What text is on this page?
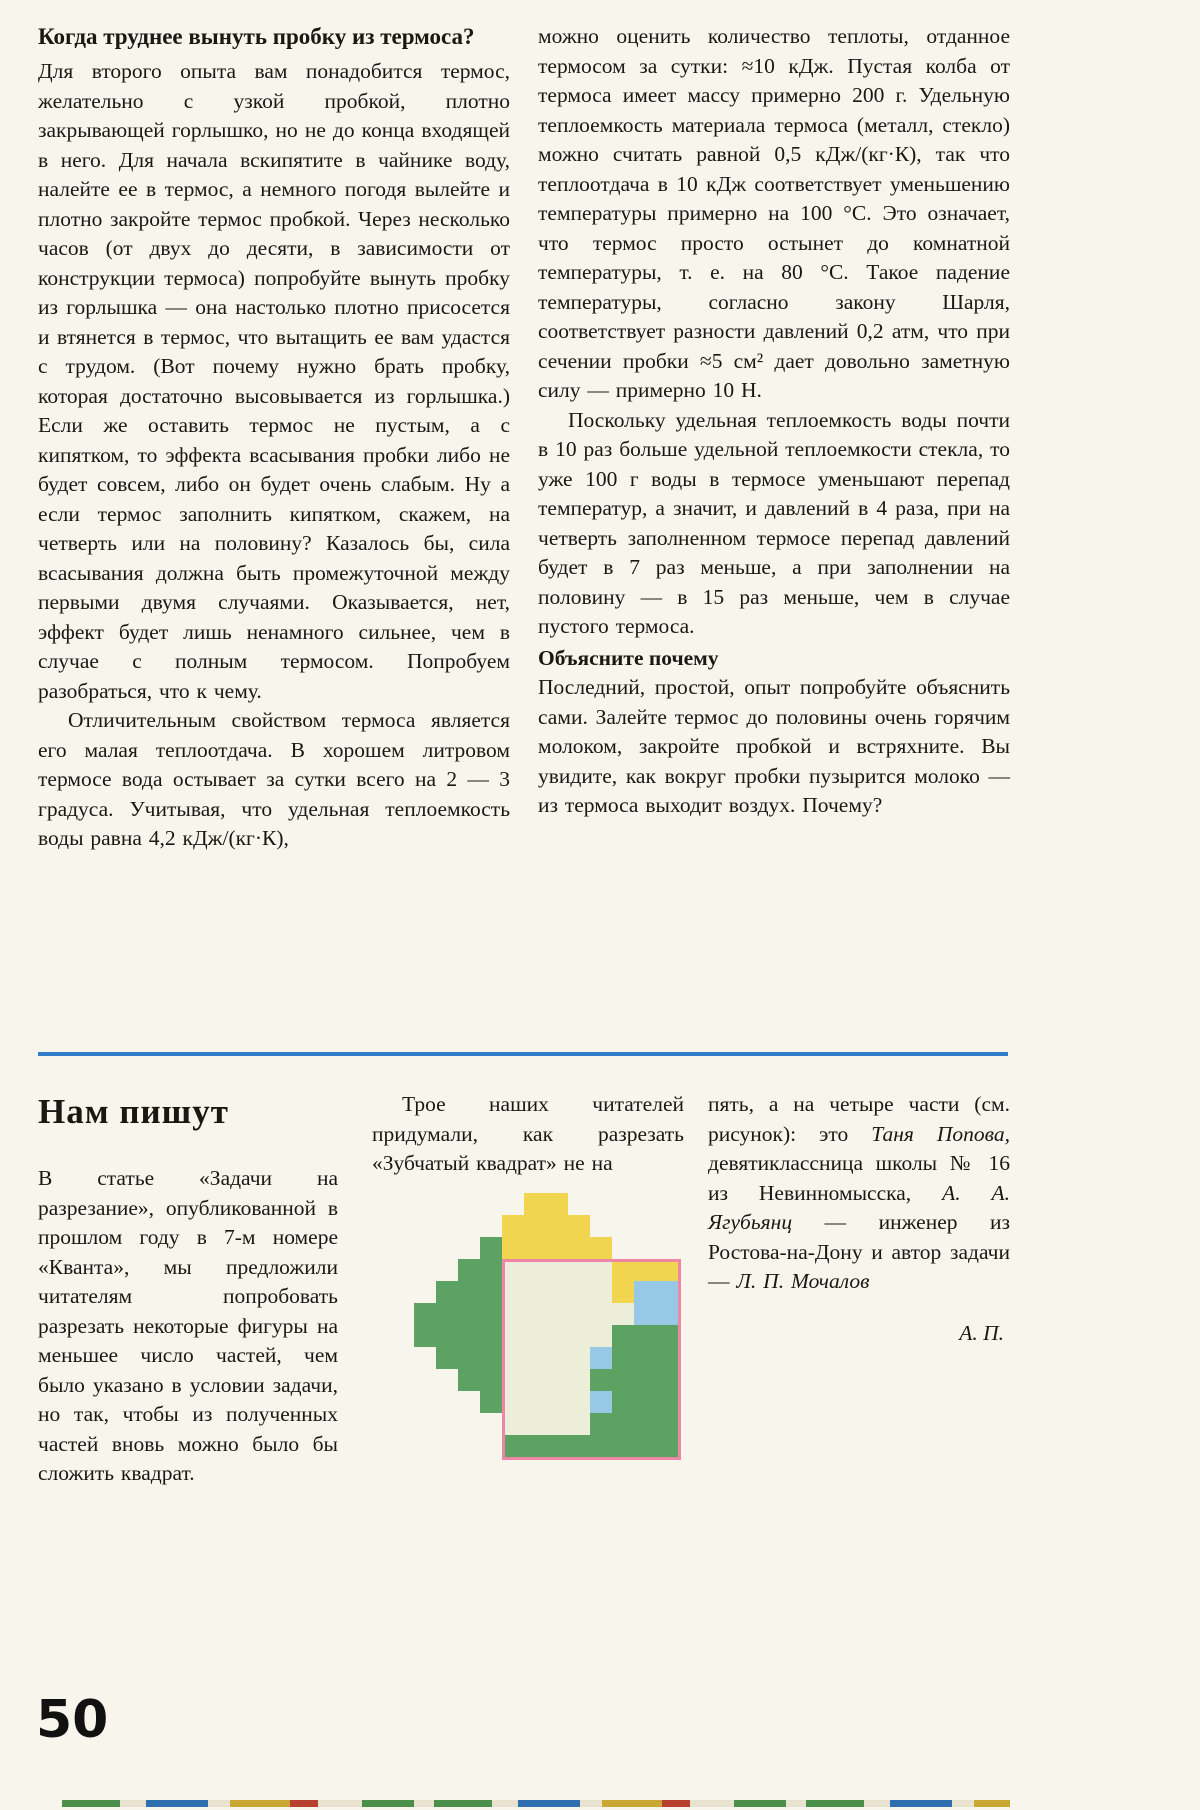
Когда труднее вынуть пробку из термоса?

Для второго опыта вам понадобится термос, желательно с узкой пробкой, плотно закрывающей горлышко, но не до конца входящей в него. Для начала вскипятите в чайнике воду, налейте ее в термос, а немного погодя вылейте и плотно закройте термос пробкой. Через несколько часов (от двух до десяти, в зависимости от конструкции термоса) попробуйте вынуть пробку из горлышка — она настолько плотно присосется и втянется в термос, что вытащить ее вам удастся с трудом. (Вот почему нужно брать пробку, которая достаточно высовывается из горлышка.) Если же оставить термос не пустым, а с кипятком, то эффекта всасывания пробки либо не будет совсем, либо он будет очень слабым. Ну а если термос заполнить кипятком, скажем, на четверть или на половину? Казалось бы, сила всасывания должна быть промежуточной между первыми двумя случаями. Оказывается, нет, эффект будет лишь ненамного сильнее, чем в случае с полным термосом. Попробуем разобраться, что к чему.

Отличительным свойством термоса является его малая теплоотдача. В хорошем литровом термосе вода остывает за сутки всего на 2 — 3 градуса. Учитывая, что удельная теплоемкость воды равна 4,2 кДж/(кг·К),

можно оценить количество теплоты, отданное термосом за сутки: ≈10 кДж. Пустая колба от термоса имеет массу примерно 200 г. Удельную теплоемкость материала термоса (металл, стекло) можно считать равной 0,5 кДж/(кг·К), так что теплоотдача в 10 кДж соответствует уменьшению температуры примерно на 100 °С. Это означает, что термос просто остынет до комнатной температуры, т. е. на 80 °С. Такое падение температуры, согласно закону Шарля, соответствует разности давлений 0,2 атм, что при сечении пробки ≈5 см² дает довольно заметную силу — примерно 10 Н.

Поскольку удельная теплоемкость воды почти в 10 раз больше удельной теплоемкости стекла, то уже 100 г воды в термосе уменьшают перепад температур, а значит, и давлений в 4 раза, при на четверть заполненном термосе перепад давлений будет в 7 раз меньше, а при заполнении на половину — в 15 раз меньше, чем в случае пустого термоса.

Объясните почему

Последний, простой, опыт попробуйте объяснить сами. Залейте термос до половины очень горячим молоком, закройте пробкой и встряхните. Вы увидите, как вокруг пробки пузырится молоко — из термоса выходит воздух. Почему?

Нам пишут

В статье «Задачи на разрезание», опубликованной в прошлом году в 7-м номере «Кванта», мы предложили читателям попробовать разрезать некоторые фигуры на меньшее число частей, чем было указано в условии задачи, но так, чтобы из полученных частей вновь можно было бы сложить квадрат.

Трое наших читателей придумали, как разрезать «Зубчатый квадрат» не на

пять, а на четыре части (см. рисунок): это Таня Попова, девятиклассница школы № 16 из Невинномысска, А. А. Ягубьянц — инженер из Ростова-на-Дону и автор задачи — Л. П. Мочалов

А. П.
50
